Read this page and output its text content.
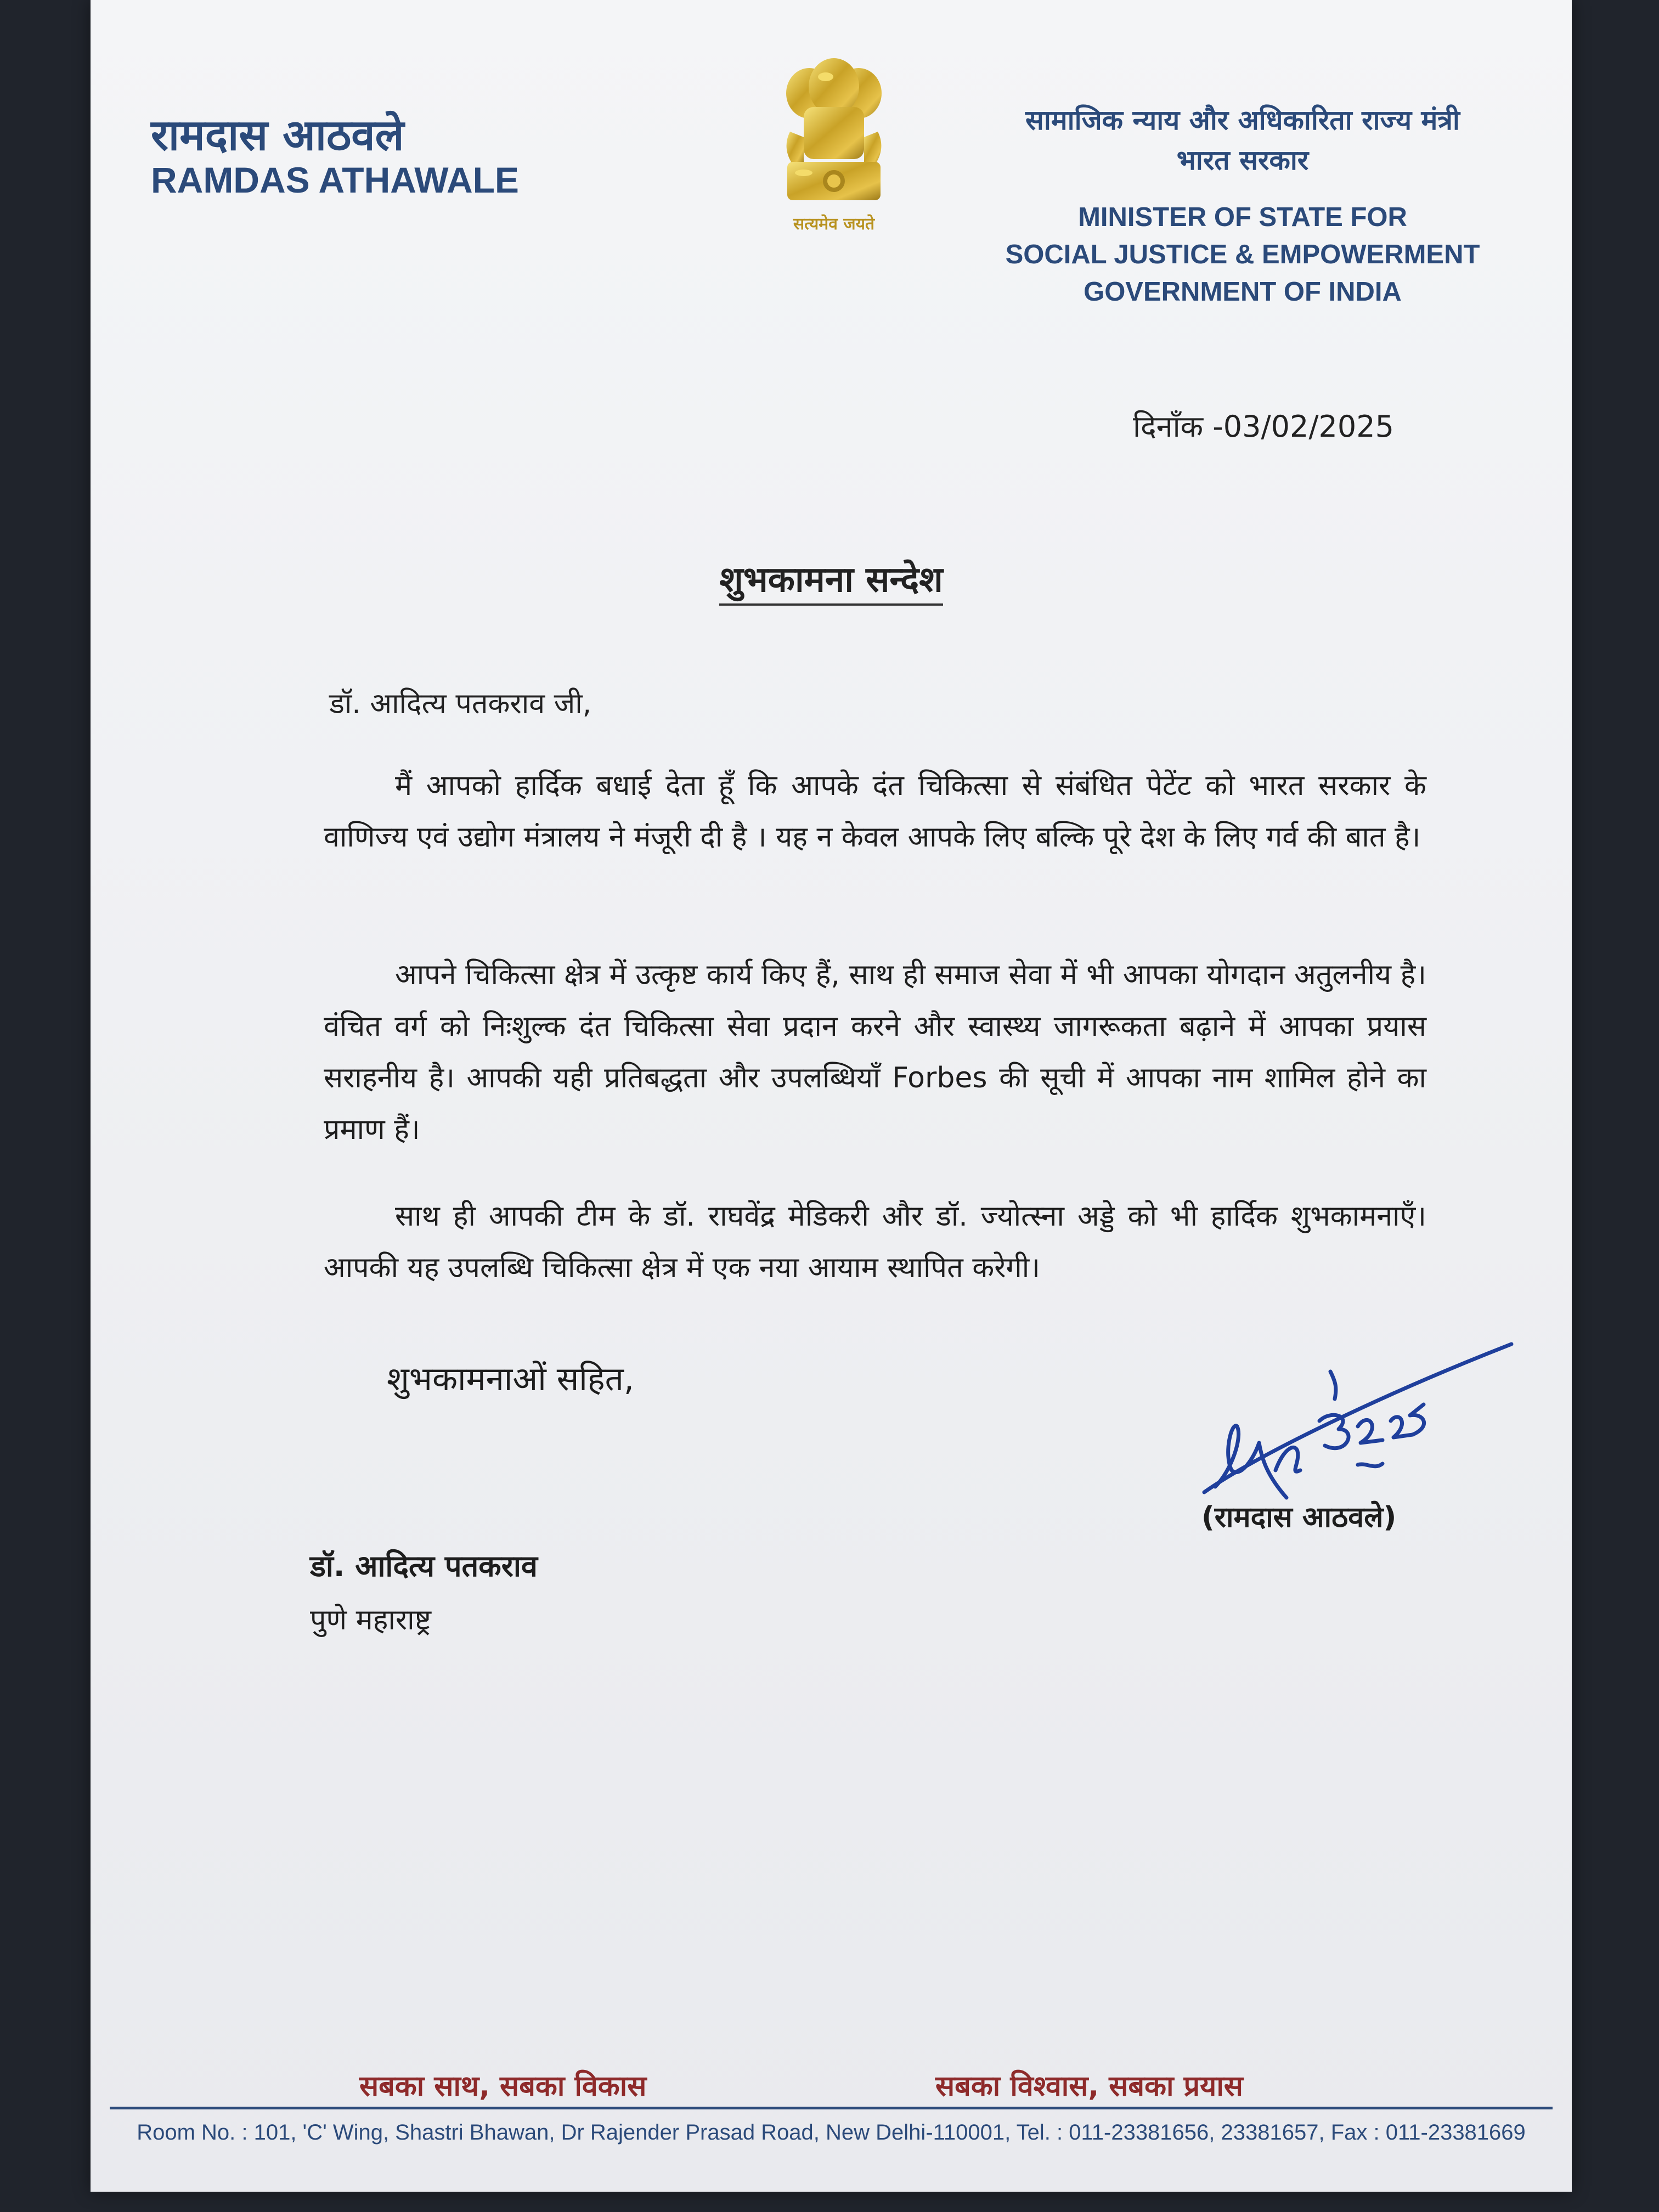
रामदास आठवले
RAMDAS ATHAWALE
सत्यमेव जयते
सामाजिक न्याय और अधिकारिता राज्य मंत्री
भारत सरकार
MINISTER OF STATE FOR
SOCIAL JUSTICE & EMPOWERMENT
GOVERNMENT OF INDIA
दिनाँक -03/02/2025
शुभकामना सन्देश
डॉ. आदित्य पतकराव जी,
मैं आपको हार्दिक बधाई देता हूँ कि आपके दंत चिकित्सा से संबंधित पेटेंट को भारत सरकार के वाणिज्य एवं उद्योग मंत्रालय ने मंजूरी दी है । यह न केवल आपके लिए बल्कि पूरे देश के लिए गर्व की बात है।
आपने चिकित्सा क्षेत्र में उत्कृष्ट कार्य किए हैं, साथ ही समाज सेवा में भी आपका योगदान अतुलनीय है। वंचित वर्ग को निःशुल्क दंत चिकित्सा सेवा प्रदान करने और स्वास्थ्य जागरूकता बढ़ाने में आपका प्रयास सराहनीय है। आपकी यही प्रतिबद्धता और उपलब्धियाँ Forbes की सूची में आपका नाम शामिल होने का प्रमाण हैं।
साथ ही आपकी टीम के डॉ. राघवेंद्र मेडिकरी और डॉ. ज्योत्स्ना अड्डे को भी हार्दिक शुभकामनाएँ। आपकी यह उपलब्धि चिकित्सा क्षेत्र में एक नया आयाम स्थापित करेगी।
शुभकामनाओं सहित,
3.2.25
(रामदास आठवले)
डॉ. आदित्य पतकराव
पुणे महाराष्ट्र
सबका साथ, सबका विकास	सबका विश्वास, सबका प्रयास
Room No. : 101, 'C' Wing, Shastri Bhawan, Dr Rajender Prasad Road, New Delhi-110001, Tel. : 011-23381656, 23381657, Fax : 011-23381669
